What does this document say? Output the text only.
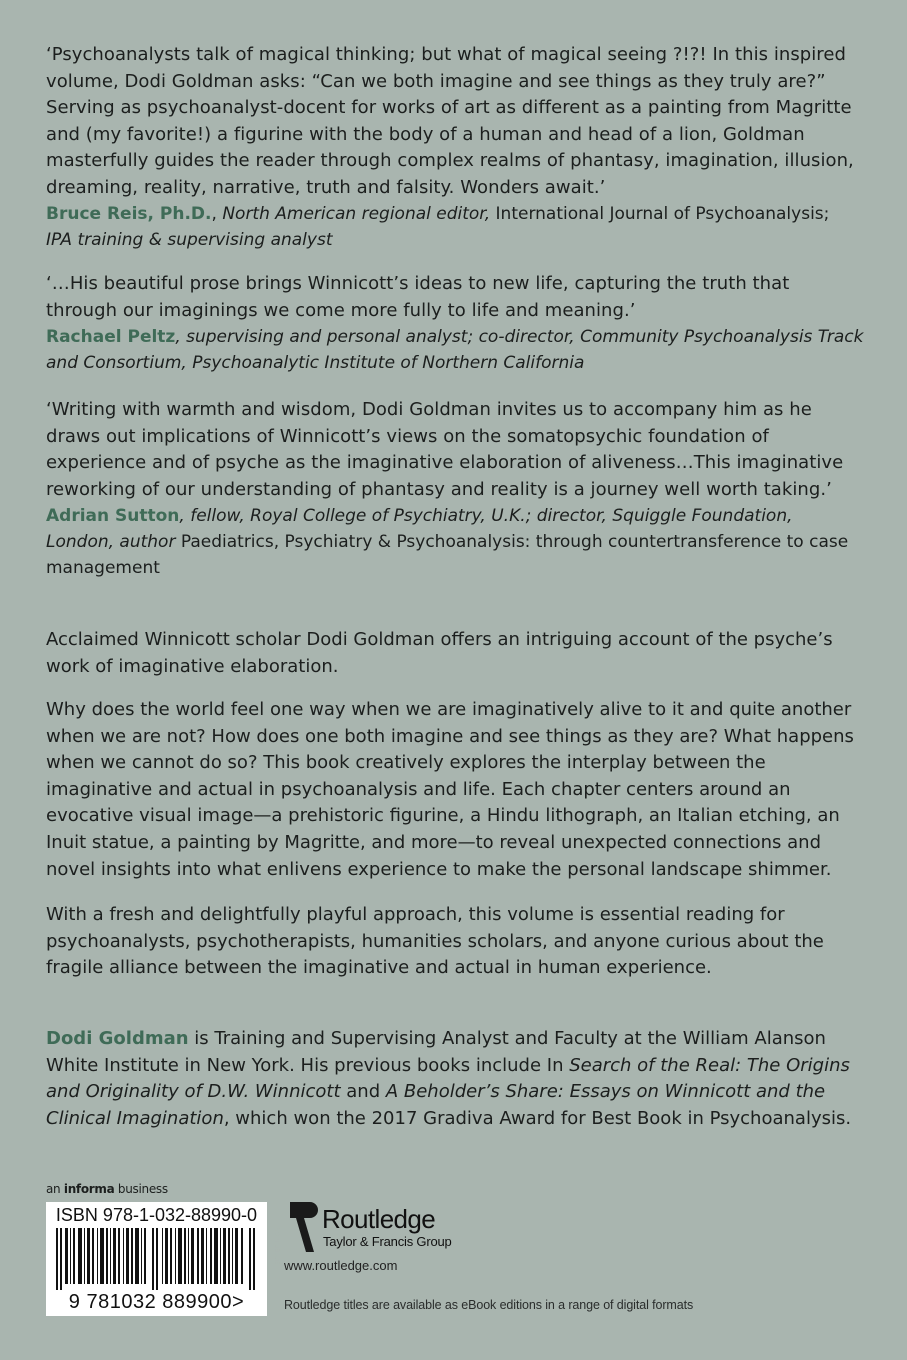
‘Psychoanalysts talk of magical thinking; but what of magical seeing ?!?! In this inspired volume, Dodi Goldman asks: “Can we both imagine and see things as they truly are?” Serving as psychoanalyst-docent for works of art as different as a painting from Magritte and (my favorite!) a figurine with the body of a human and head of a lion, Goldman masterfully guides the reader through complex realms of phantasy, imagination, illusion, dreaming, reality, narrative, truth and falsity. Wonders await.’

Bruce Reis, Ph.D., North American regional editor, International Journal of Psychoanalysis;
IPA training & supervising analyst

‘…His beautiful prose brings Winnicott’s ideas to new life, capturing the truth that through our imaginings we come more fully to life and meaning.’

Rachael Peltz, supervising and personal analyst; co-director, Community Psychoanalysis Track and Consortium, Psychoanalytic Institute of Northern California

‘Writing with warmth and wisdom, Dodi Goldman invites us to accompany him as he draws out implications of Winnicott’s views on the somatopsychic foundation of experience and of psyche as the imaginative elaboration of aliveness…This imaginative reworking of our understanding of phantasy and reality is a journey well worth taking.’

Adrian Sutton, fellow, Royal College of Psychiatry, U.K.; director, Squiggle Foundation, London, author Paediatrics, Psychiatry & Psychoanalysis: through countertransference to case management

Acclaimed Winnicott scholar Dodi Goldman offers an intriguing account of the psyche’s work of imaginative elaboration.

Why does the world feel one way when we are imaginatively alive to it and quite another when we are not? How does one both imagine and see things as they are? What happens when we cannot do so? This book creatively explores the interplay between the imaginative and actual in psychoanalysis and life. Each chapter centers around an evocative visual image—a prehistoric figurine, a Hindu lithograph, an Italian etching, an Inuit statue, a painting by Magritte, and more—to reveal unexpected connections and novel insights into what enlivens experience to make the personal landscape shimmer.

With a fresh and delightfully playful approach, this volume is essential reading for psychoanalysts, psychotherapists, humanities scholars, and anyone curious about the fragile alliance between the imaginative and actual in human experience.

Dodi Goldman is Training and Supervising Analyst and Faculty at the William Alanson White Institute in New York. His previous books include In Search of the Real: The Origins and Originality of D.W. Winnicott and A Beholder’s Share: Essays on Winnicott and the Clinical Imagination, which won the 2017 Gradiva Award for Best Book in Psychoanalysis.

an informa business
ISBN 978-1-032-88990-0
9 781032 889900>
ROUTLEDGE
Routledge
Taylor & Francis Group
www.routledge.com
Routledge titles are available as eBook editions in a range of digital formats
